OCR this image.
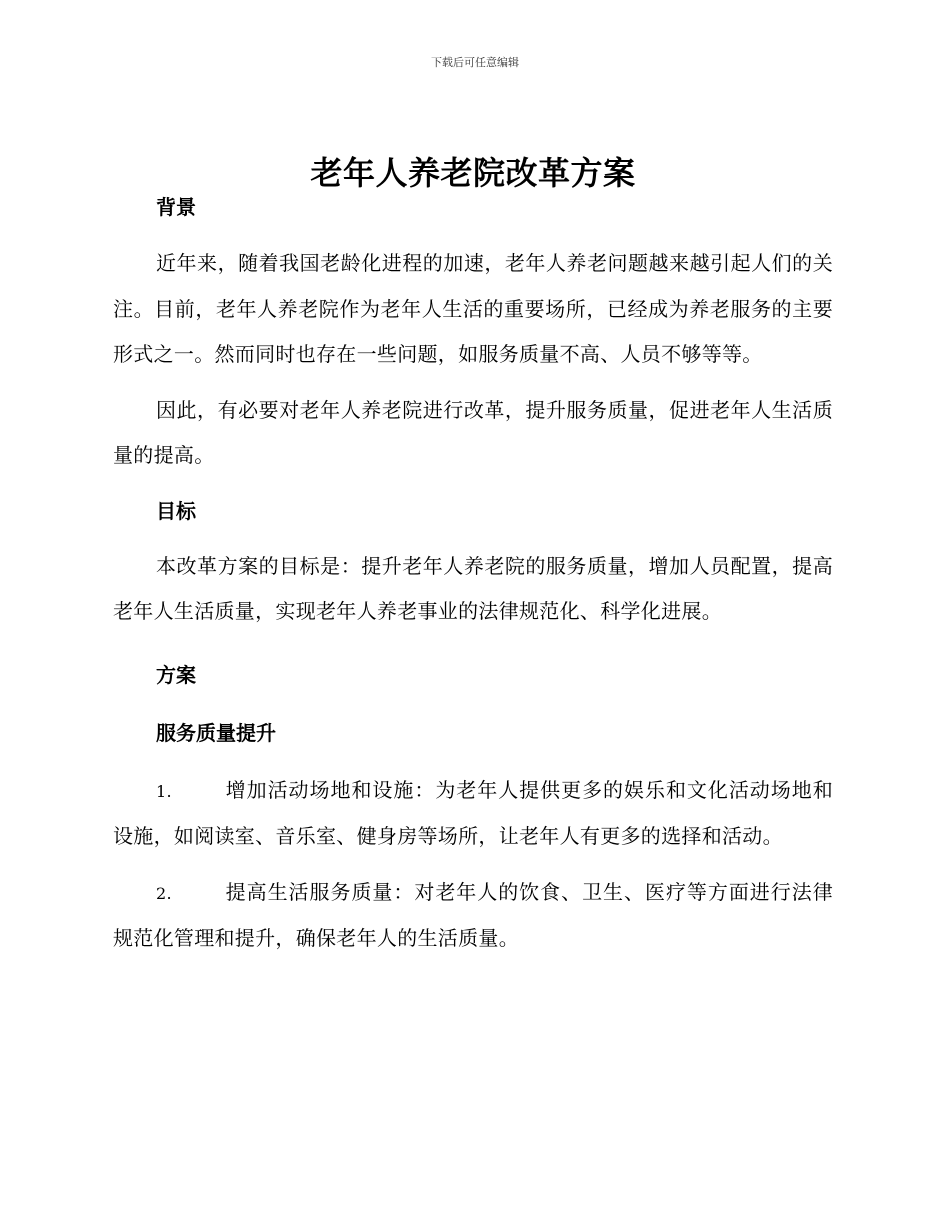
下载后可任意编辑
老年人养老院改革方案
背景

近年来，随着我国老龄化进程的加速，老年人养老问题越来越引起人们的关注。目前，老年人养老院作为老年人生活的重要场所，已经成为养老服务的主要形式之一。然而同时也存在一些问题，如服务质量不高、人员不够等等。

因此，有必要对老年人养老院进行改革，提升服务质量，促进老年人生活质量的提高。

目标

本改革方案的目标是：提升老年人养老院的服务质量，增加人员配置，提高老年人生活质量，实现老年人养老事业的法律规范化、科学化进展。

方案
服务质量提升

1.	增加活动场地和设施：为老年人提供更多的娱乐和文化活动场地和设施，如阅读室、音乐室、健身房等场所，让老年人有更多的选择和活动。

2.	提高生活服务质量：对老年人的饮食、卫生、医疗等方面进行法律规范化管理和提升，确保老年人的生活质量。
